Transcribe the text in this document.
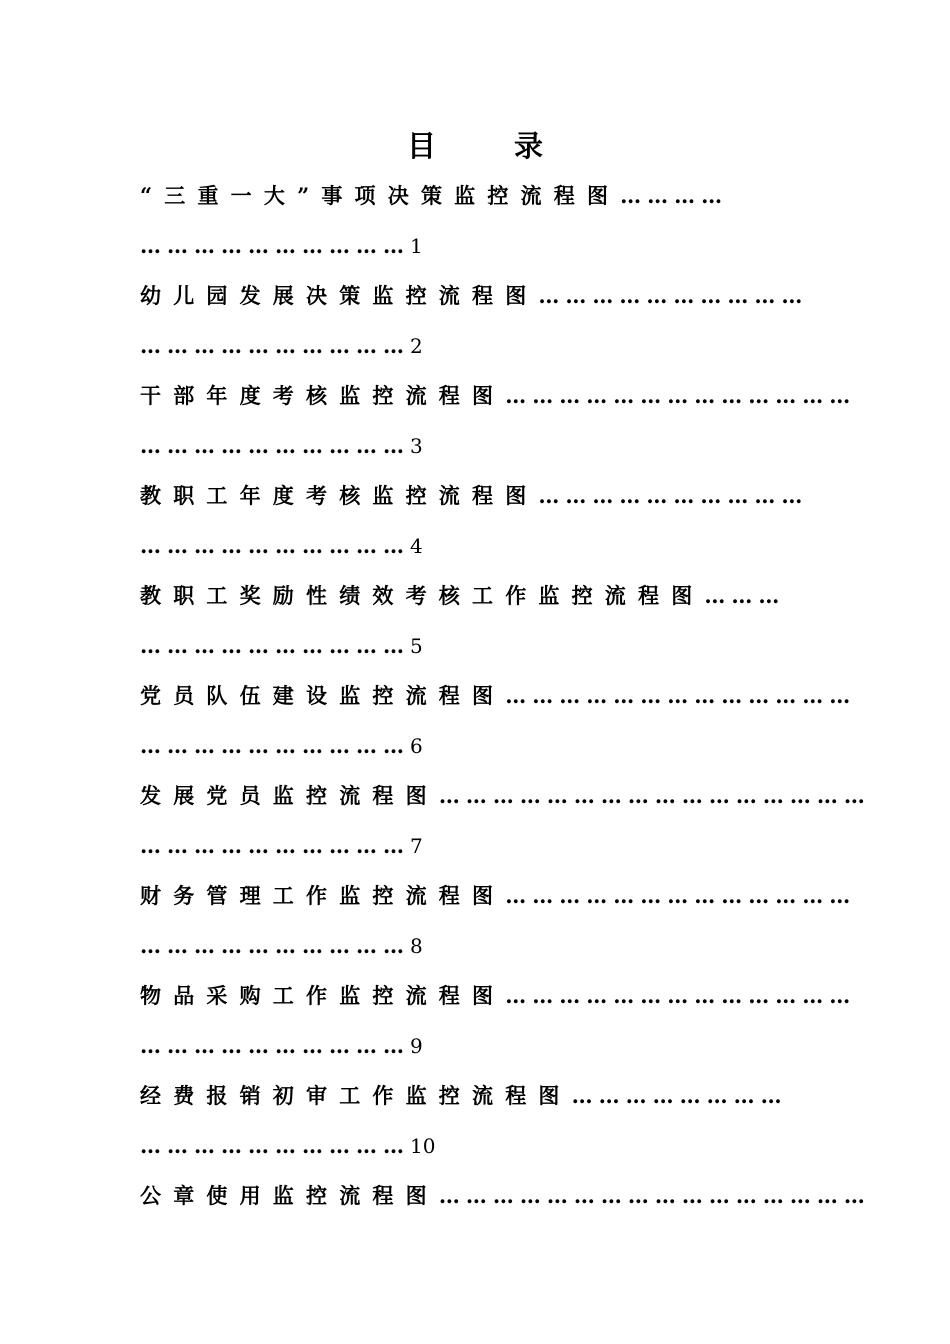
目 录
“三重一大”事项决策监控流程图…………
…………………………1
幼儿园发展决策监控流程图…………………………
…………………………2
干部年度考核监控流程图…………………………………
…………………………3
教职工年度考核监控流程图…………………………
…………………………4
教职工奖励性绩效考核工作监控流程图………
…………………………5
党员队伍建设监控流程图…………………………………
…………………………6
发展党员监控流程图…………………………………………
…………………………7
财务管理工作监控流程图…………………………………
…………………………8
物品采购工作监控流程图…………………………………
…………………………9
经费报销初审工作监控流程图……………………
…………………………10
公章使用监控流程图…………………………………………
